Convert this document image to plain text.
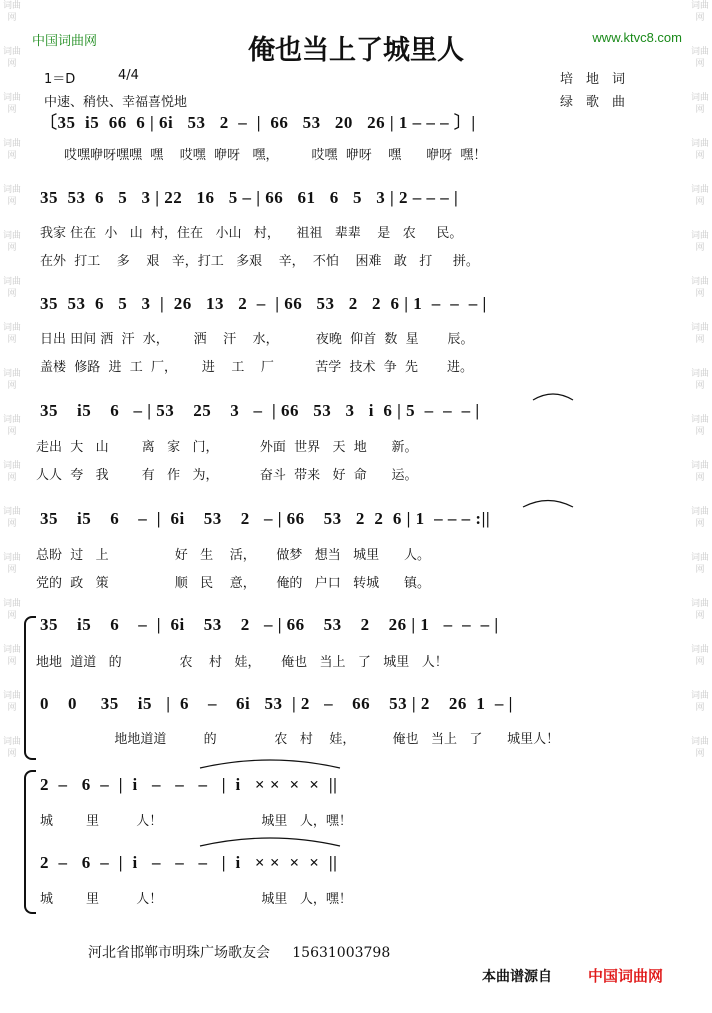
词曲网
词曲网
词曲网
词曲网
词曲网
词曲网
词曲网
词曲网
词曲网
词曲网
词曲网
词曲网
词曲网
词曲网
词曲网
词曲网
词曲网
词曲网
词曲网
词曲网
词曲网
词曲网
词曲网
词曲网
词曲网
词曲网
词曲网
词曲网
词曲网
词曲网
词曲网
词曲网
词曲网
词曲网
中国词曲网	www.ktvc8.com
俺也当上了城里人
1＝D	4/4
中速、稍快、幸福喜悦地
培　地　词
绿　歌　曲
〔35  i5  66  6 | 6i   53   2  –  |  66   53   20   26 | 1 – – – 〕|
哎嘿咿呀嘿嘿  嘿    哎嘿  咿呀   嘿，        哎嘿  咿呀    嘿      咿呀  嘿！
35  53  6   5   3 | 22   16   5 – | 66   61   6   5   3 | 2 – – – |
我家 住在  小   山  村，住在   小山   村，    祖祖   辈辈    是   农     民。
在外  打工    多    艰   辛，打工   多艰    辛，  不怕    困难   敢   打     拼。
35  53  6   5   3  |  26   13   2  –  | 66   53   2   2  6 | 1  –  –  – |
日出 田间 洒  汗  水，      洒    汗    水，         夜晚  仰首  数  星       辰。
盖楼  修路  进  工  厂，      进    工    厂          苦学  技术  争  先       进。
35    i5    6   – | 53    25    3   –  | 66   53   3   i  6 | 5  –  –  – |
走出  大   山        离   家   门，          外面  世界   天  地      新。
人人  夸   我        有   作   为，          奋斗  带来   好  命      运。
35    i5    6    –  |  6i    53    2   – | 66    53   2  2  6 | 1  – – – :||
总盼  过   上                好   生    活，     做梦   想当   城里      人。
党的  政   策                顺   民    意，     俺的   户口   转城      镇。
35    i5    6    –  |  6i    53    2   – | 66    53    2    26 | 1   –  –  – |
地地  道道   的              农    村   娃，     俺也   当上   了   城里   人！
0    0     35    i5   |  6    –    6i   53  | 2   –    66    53 | 2    26  1  – |
地地道道         的              农   村    娃，         俺也   当上   了      城里人！
2  –   6  –  |  i   –   –   –   |  i   × ×  ×  ×  ||
城        里         人！                        城里   人，嘿！
2  –   6  –  |  i   –   –   –   |  i   × ×  ×  ×  ||
城        里         人！                        城里   人，嘿！
河北省邯郸市明珠广场歌友会     15631003798
本曲谱源自 中国词曲网
